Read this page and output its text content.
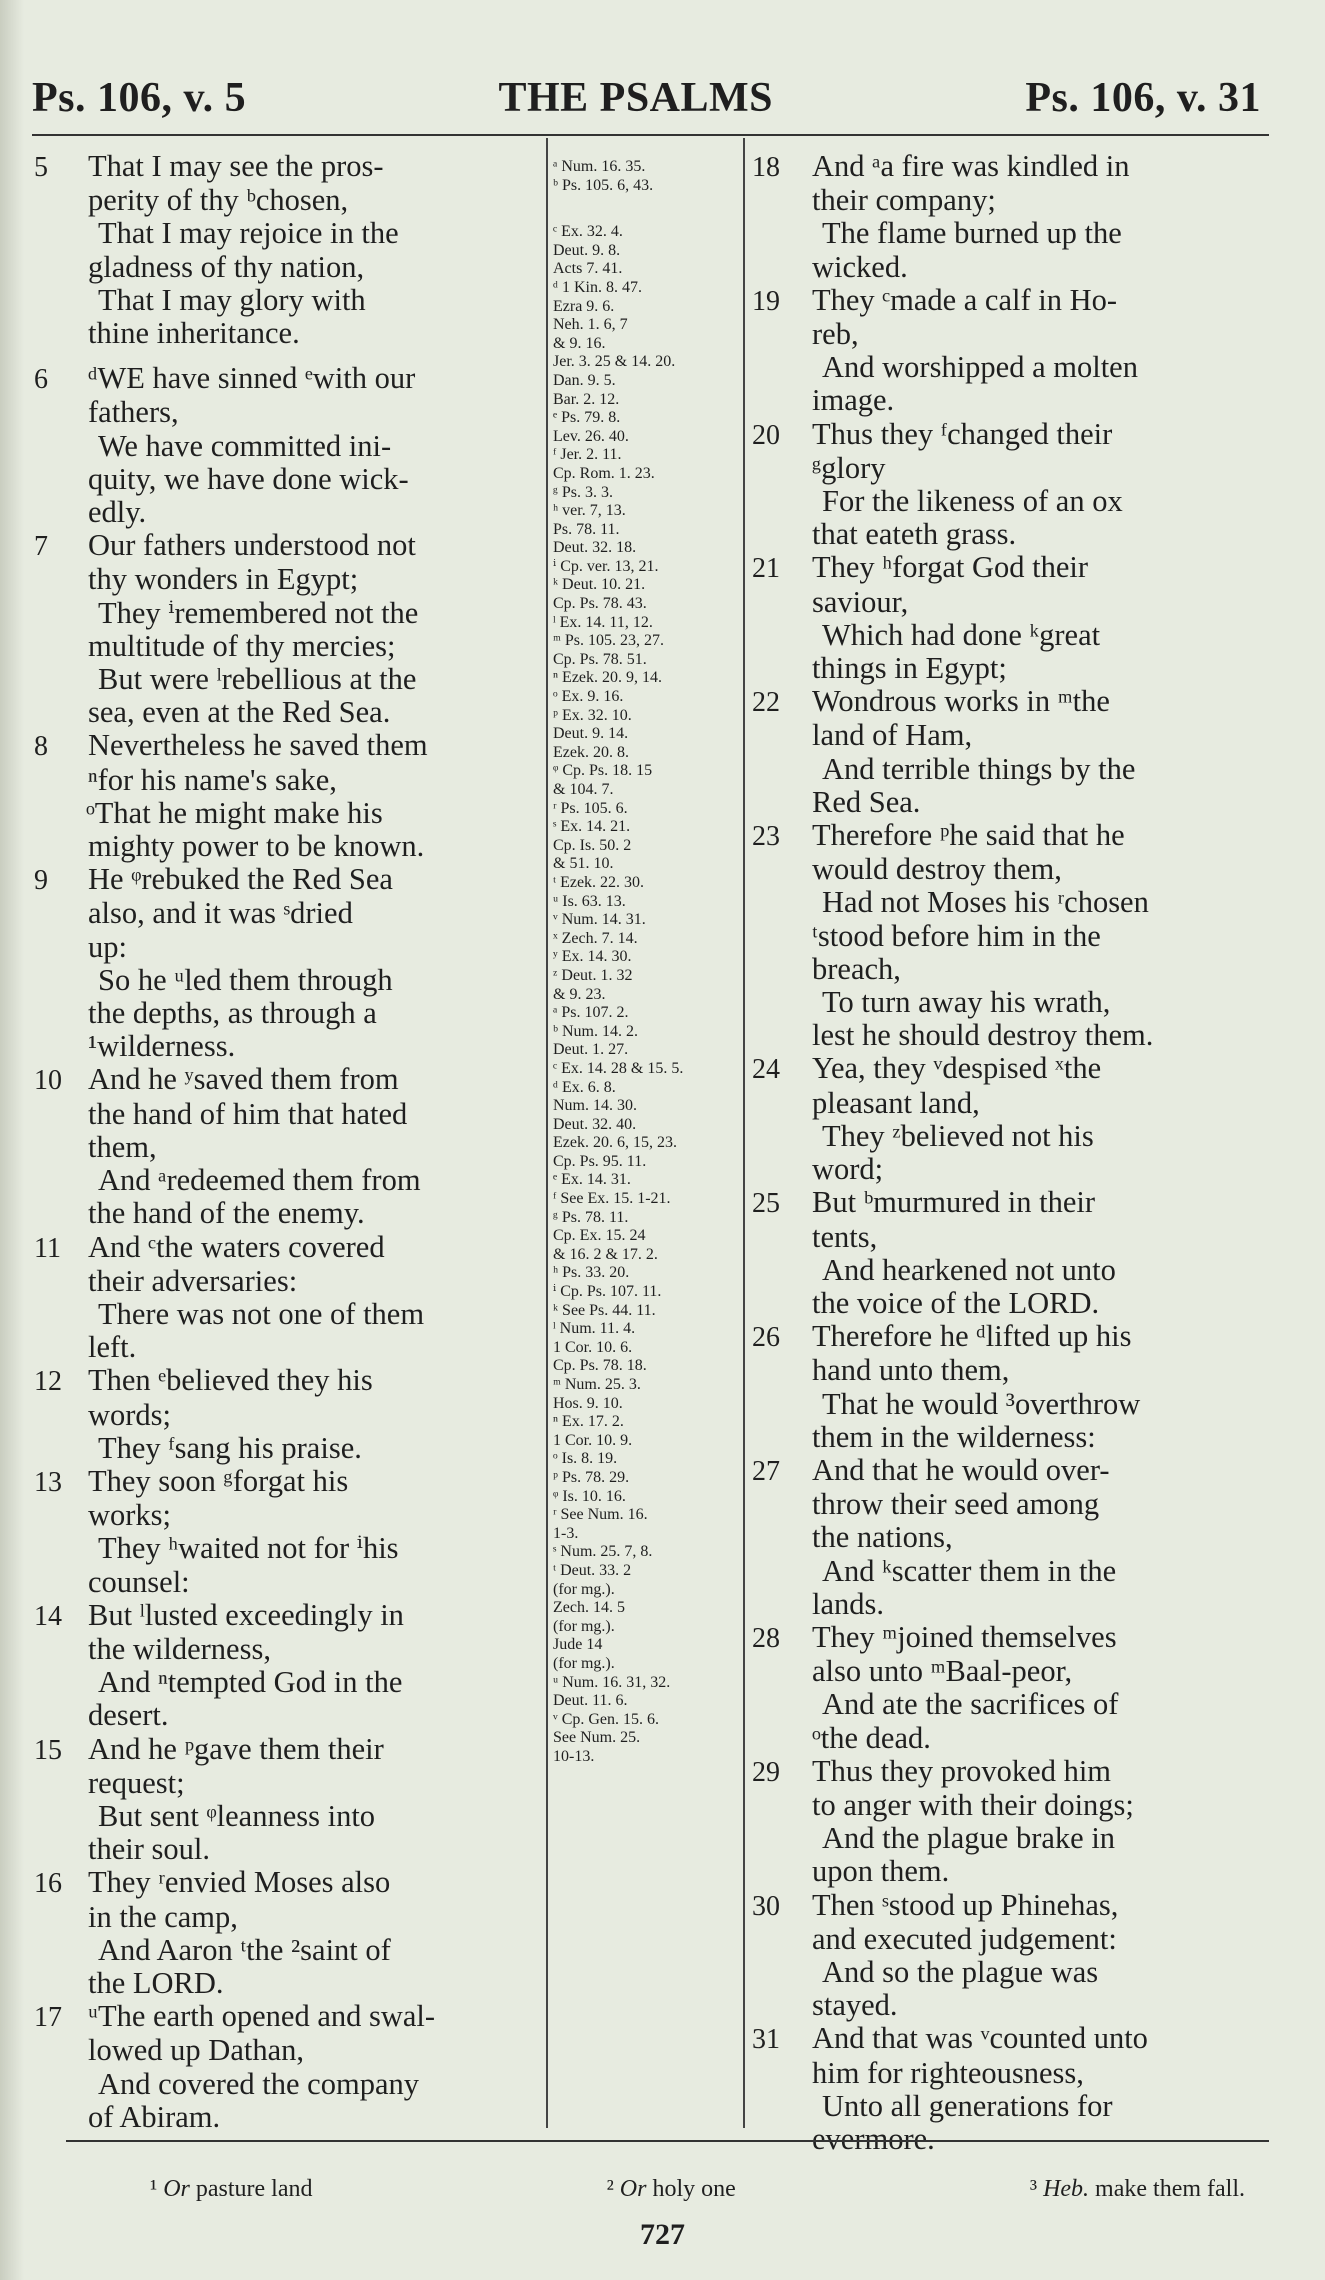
Ps. 106, v. 5	THE PSALMS	Ps. 106, v. 31
5 That I may see the pros-
perity of thy ᵇchosen,
That I may rejoice in the
gladness of thy nation,
That I may glory with
thine inheritance.
6 ᵈWE have sinned ᵉwith our
fathers,
We have committed ini-
quity, we have done wick-
edly.
7 Our fathers understood not
thy wonders in Egypt;
They ⁱremembered not the
multitude of thy mercies;
But were ˡrebellious at the
sea, even at the Red Sea.
8 Nevertheless he saved them
ⁿfor his name's sake,
ᵒThat he might make his
mighty power to be known.
9 He ᵠrebuked the Red Sea
also, and it was ˢdried
up:
So he ᵘled them through
the depths, as through a
¹wilderness.
10 And he ʸsaved them from
the hand of him that hated
them,
And ᵃredeemed them from
the hand of the enemy.
11 And ᶜthe waters covered
their adversaries:
There was not one of them
left.
12 Then ᵉbelieved they his
words;
They ᶠsang his praise.
13 They soon ᵍforgat his
works;
They ʰwaited not for ⁱhis
counsel:
14 But ˡlusted exceedingly in
the wilderness,
And ⁿtempted God in the
desert.
15 And he ᵖgave them their
request;
But sent ᵠleanness into
their soul.
16 They ʳenvied Moses also
in the camp,
And Aaron ᵗthe ²saint of
the LORD.
17 ᵘThe earth opened and swal-
lowed up Dathan,
And covered the company
of Abiram.
ᵃ Num. 16. 35.
ᵇ Ps. 105. 6, 43.
ᶜ Ex. 32. 4.
Deut. 9. 8.
Acts 7. 41.
ᵈ 1 Kin. 8. 47.
Ezra 9. 6.
Neh. 1. 6, 7
& 9. 16.
Jer. 3. 25 & 14. 20.
Dan. 9. 5.
Bar. 2. 12.
ᵉ Ps. 79. 8.
Lev. 26. 40.
ᶠ Jer. 2. 11.
Cp. Rom. 1. 23.
ᵍ Ps. 3. 3.
ʰ ver. 7, 13.
Ps. 78. 11.
Deut. 32. 18.
ⁱ Cp. ver. 13, 21.
ᵏ Deut. 10. 21.
Cp. Ps. 78. 43.
ˡ Ex. 14. 11, 12.
ᵐ Ps. 105. 23, 27.
Cp. Ps. 78. 51.
ⁿ Ezek. 20. 9, 14.
ᵒ Ex. 9. 16.
ᵖ Ex. 32. 10.
Deut. 9. 14.
Ezek. 20. 8.
ᵠ Cp. Ps. 18. 15
& 104. 7.
ʳ Ps. 105. 6.
ˢ Ex. 14. 21.
Cp. Is. 50. 2
& 51. 10.
ᵗ Ezek. 22. 30.
ᵘ Is. 63. 13.
ᵛ Num. 14. 31.
ˣ Zech. 7. 14.
ʸ Ex. 14. 30.
ᶻ Deut. 1. 32
& 9. 23.
ᵃ Ps. 107. 2.
ᵇ Num. 14. 2.
Deut. 1. 27.
ᶜ Ex. 14. 28 & 15. 5.
ᵈ Ex. 6. 8.
Num. 14. 30.
Deut. 32. 40.
Ezek. 20. 6, 15, 23.
Cp. Ps. 95. 11.
ᵉ Ex. 14. 31.
ᶠ See Ex. 15. 1-21.
ᵍ Ps. 78. 11.
Cp. Ex. 15. 24
& 16. 2 & 17. 2.
ʰ Ps. 33. 20.
ⁱ Cp. Ps. 107. 11.
ᵏ See Ps. 44. 11.
ˡ Num. 11. 4.
1 Cor. 10. 6.
Cp. Ps. 78. 18.
ᵐ Num. 25. 3.
Hos. 9. 10.
ⁿ Ex. 17. 2.
1 Cor. 10. 9.
ᵒ Is. 8. 19.
ᵖ Ps. 78. 29.
ᵠ Is. 10. 16.
ʳ See Num. 16.
1-3.
ˢ Num. 25. 7, 8.
ᵗ Deut. 33. 2
(for mg.).
Zech. 14. 5
(for mg.).
Jude 14
(for mg.).
ᵘ Num. 16. 31, 32.
Deut. 11. 6.
ᵛ Cp. Gen. 15. 6.
See Num. 25.
10-13.
18 And ᵃa fire was kindled in
their company;
The flame burned up the
wicked.
19 They ᶜmade a calf in Ho-
reb,
And worshipped a molten
image.
20 Thus they ᶠchanged their
ᵍglory
For the likeness of an ox
that eateth grass.
21 They ʰforgat God their
saviour,
Which had done ᵏgreat
things in Egypt;
22 Wondrous works in ᵐthe
land of Ham,
And terrible things by the
Red Sea.
23 Therefore ᵖhe said that he
would destroy them,
Had not Moses his ʳchosen
ᵗstood before him in the
breach,
To turn away his wrath,
lest he should destroy them.
24 Yea, they ᵛdespised ˣthe
pleasant land,
They ᶻbelieved not his
word;
25 But ᵇmurmured in their
tents,
And hearkened not unto
the voice of the LORD.
26 Therefore he ᵈlifted up his
hand unto them,
That he would ³overthrow
them in the wilderness:
27 And that he would over-
throw their seed among
the nations,
And ᵏscatter them in the
lands.
28 They ᵐjoined themselves
also unto ᵐBaal-peor,
And ate the sacrifices of
ᵒthe dead.
29 Thus they provoked him
to anger with their doings;
And the plague brake in
upon them.
30 Then ˢstood up Phinehas,
and executed judgement:
And so the plague was
stayed.
31 And that was ᵛcounted unto
him for righteousness,
Unto all generations for
evermore.
¹ Or pasture land	² Or holy one	³ Heb. make them fall.
727
